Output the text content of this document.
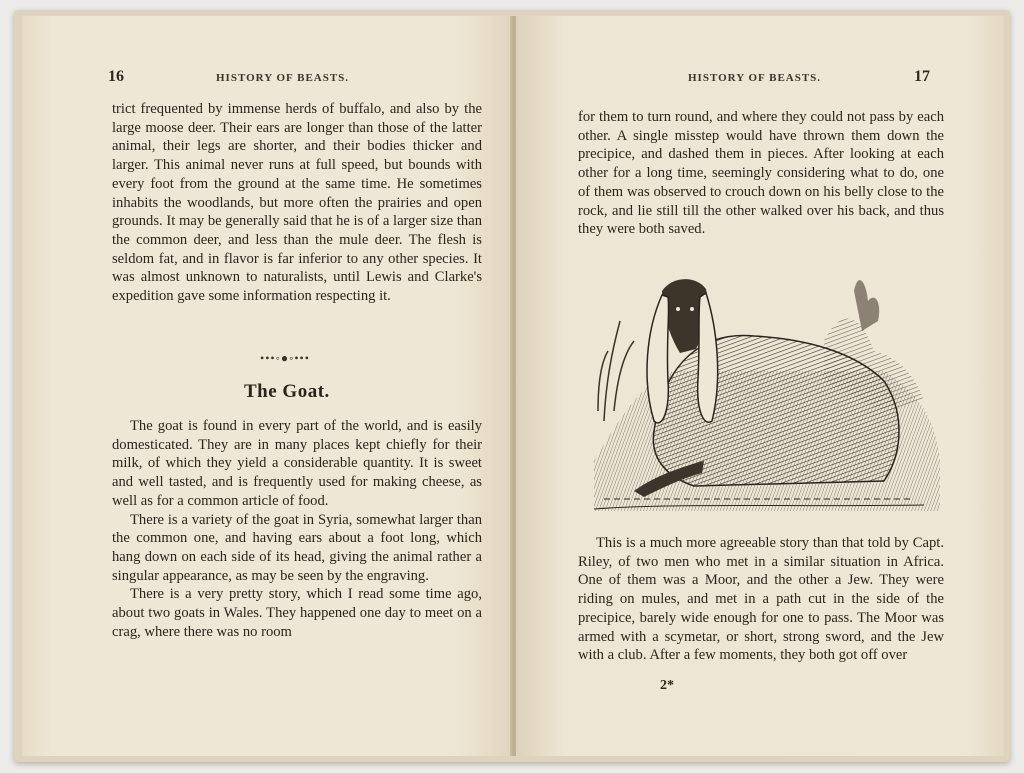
16	HISTORY OF BEASTS.

trict frequented by immense herds of buffalo, and also by the large moose deer. Their ears are longer than those of the latter animal, their legs are shorter, and their bodies thicker and larger. This animal never runs at full speed, but bounds with every foot from the ground at the same time. He sometimes inhabits the woodlands, but more often the prairies and open grounds. It may be generally said that he is of a larger size than the common deer, and less than the mule deer. The flesh is seldom fat, and in flavor is far inferior to any other species. It was almost unknown to naturalists, until Lewis and Clarke's expedition gave some information respecting it.

•••◦●◦•••
The Goat.

The goat is found in every part of the world, and is easily domesticated. They are in many places kept chiefly for their milk, of which they yield a considerable quantity. It is sweet and well tasted, and is frequently used for making cheese, as well as for a common article of food.

There is a variety of the goat in Syria, somewhat larger than the common one, and having ears about a foot long, which hang down on each side of its head, giving the animal rather a singular appearance, as may be seen by the engraving.

There is a very pretty story, which I read some time ago, about two goats in Wales. They happened one day to meet on a crag, where there was no room

HISTORY OF BEASTS.	17

for them to turn round, and where they could not pass by each other. A single misstep would have thrown them down the precipice, and dashed them in pieces. After looking at each other for a long time, seemingly considering what to do, one of them was observed to crouch down on his belly close to the rock, and lie still till the other walked over his back, and thus they were both saved.

This is a much more agreeable story than that told by Capt. Riley, of two men who met in a similar situation in Africa. One of them was a Moor, and the other a Jew. They were riding on mules, and met in a path cut in the side of the precipice, barely wide enough for one to pass. The Moor was armed with a scymetar, or short, strong sword, and the Jew with a club. After a few moments, they both got off over

2*
